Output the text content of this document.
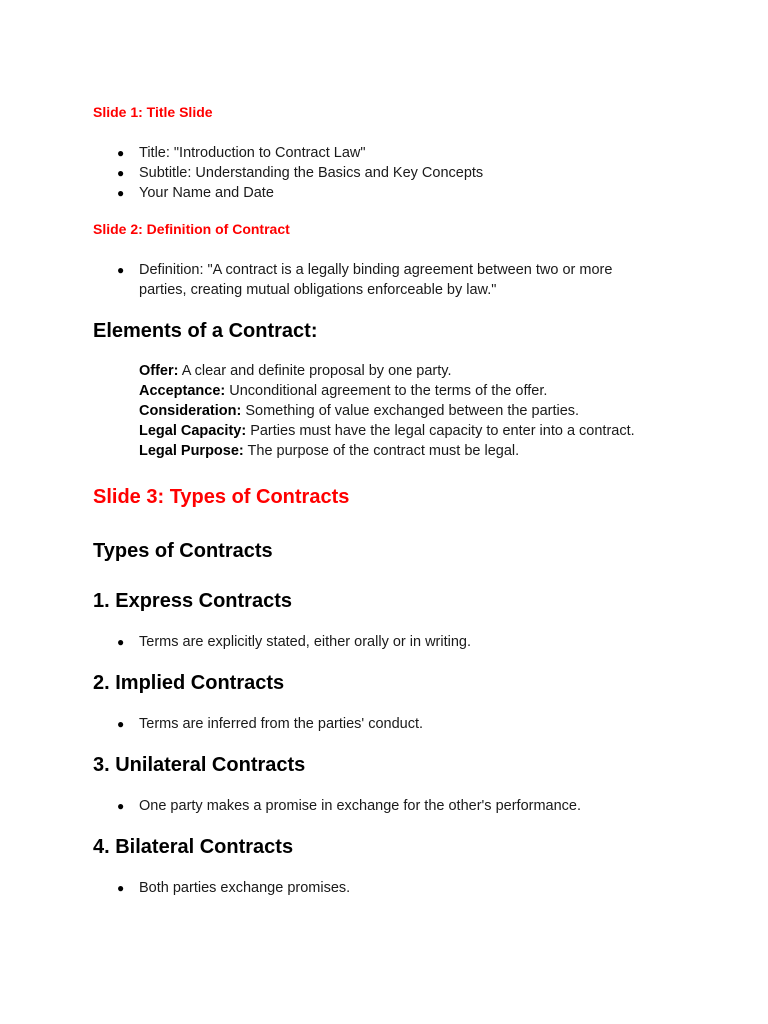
Slide 1: Title Slide

● Title: "Introduction to Contract Law"
● Subtitle: Understanding the Basics and Key Concepts
● Your Name and Date

Slide 2: Definition of Contract

● Definition: "A contract is a legally binding agreement between two or more
parties, creating mutual obligations enforceable by law."

Elements of a Contract:

Offer: A clear and definite proposal by one party.
Acceptance: Unconditional agreement to the terms of the offer.
Consideration: Something of value exchanged between the parties.
Legal Capacity: Parties must have the legal capacity to enter into a contract.
Legal Purpose: The purpose of the contract must be legal.

Slide 3: Types of Contracts

Types of Contracts

1. Express Contracts

● Terms are explicitly stated, either orally or in writing.

2. Implied Contracts

● Terms are inferred from the parties' conduct.

3. Unilateral Contracts

● One party makes a promise in exchange for the other's performance.

4. Bilateral Contracts

● Both parties exchange promises.
